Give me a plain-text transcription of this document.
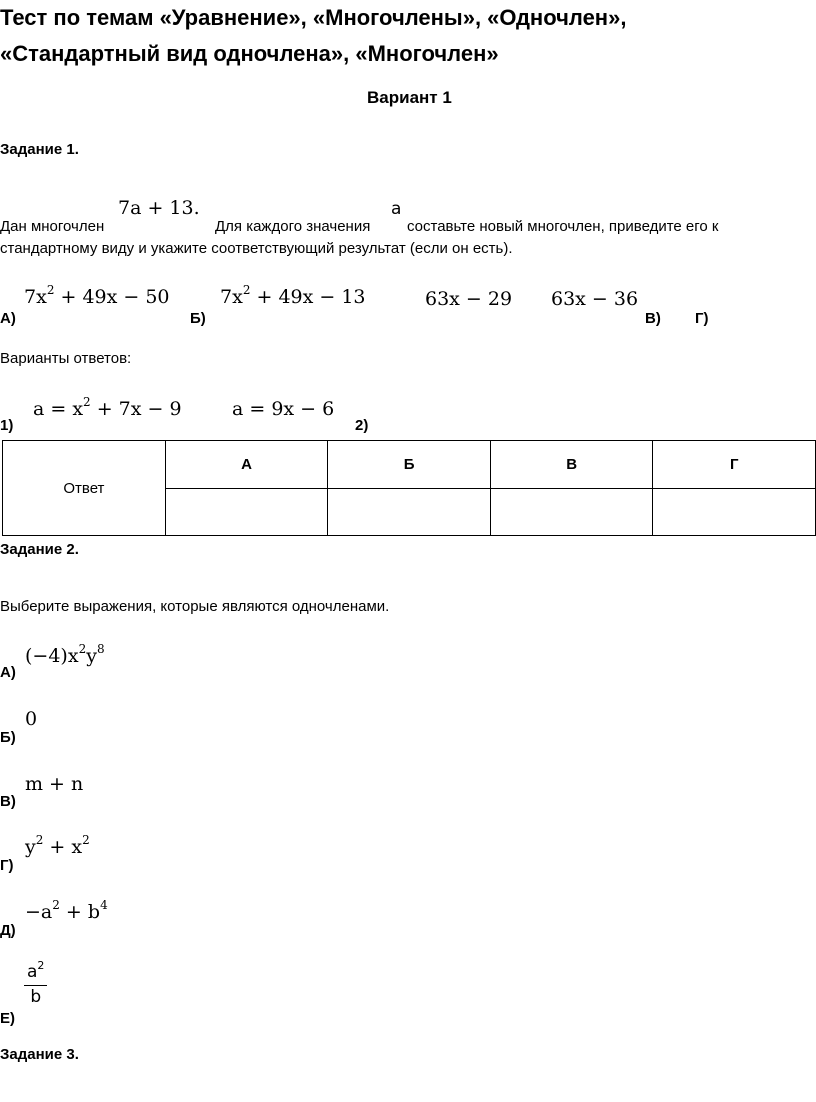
Тест по темам «Уравнение», «Многочлены», «Одночлен»,
«Стандартный вид одночлена», «Многочлен»
Вариант 1
Задание 1.
7a + 13.	a
Дан многочлен	Для каждого значения составьте новый многочлен, приведите его к
стандартному виду и укажите соответствующий результат (если он есть).
$7x^2 + 49x - 50$	$7x^2 + 49x - 13$	63x − 29 63x − 36
А)	Б)	В) Г)
Варианты ответов:
$a = x^2 + 7x - 9$	a = 9x − 6
1)	2)
Ответ	А	Б	В	Г

Задание 2.
Выберите выражения, которые являются одночленами.
$(-4)x^2y^8$
А)
0
Б)
m + n
В)
$y^2 + x^2$
Г)
$-a^2 + b^4$
Д)
$\frac{a^2}{b}$
Е)
Задание 3.
